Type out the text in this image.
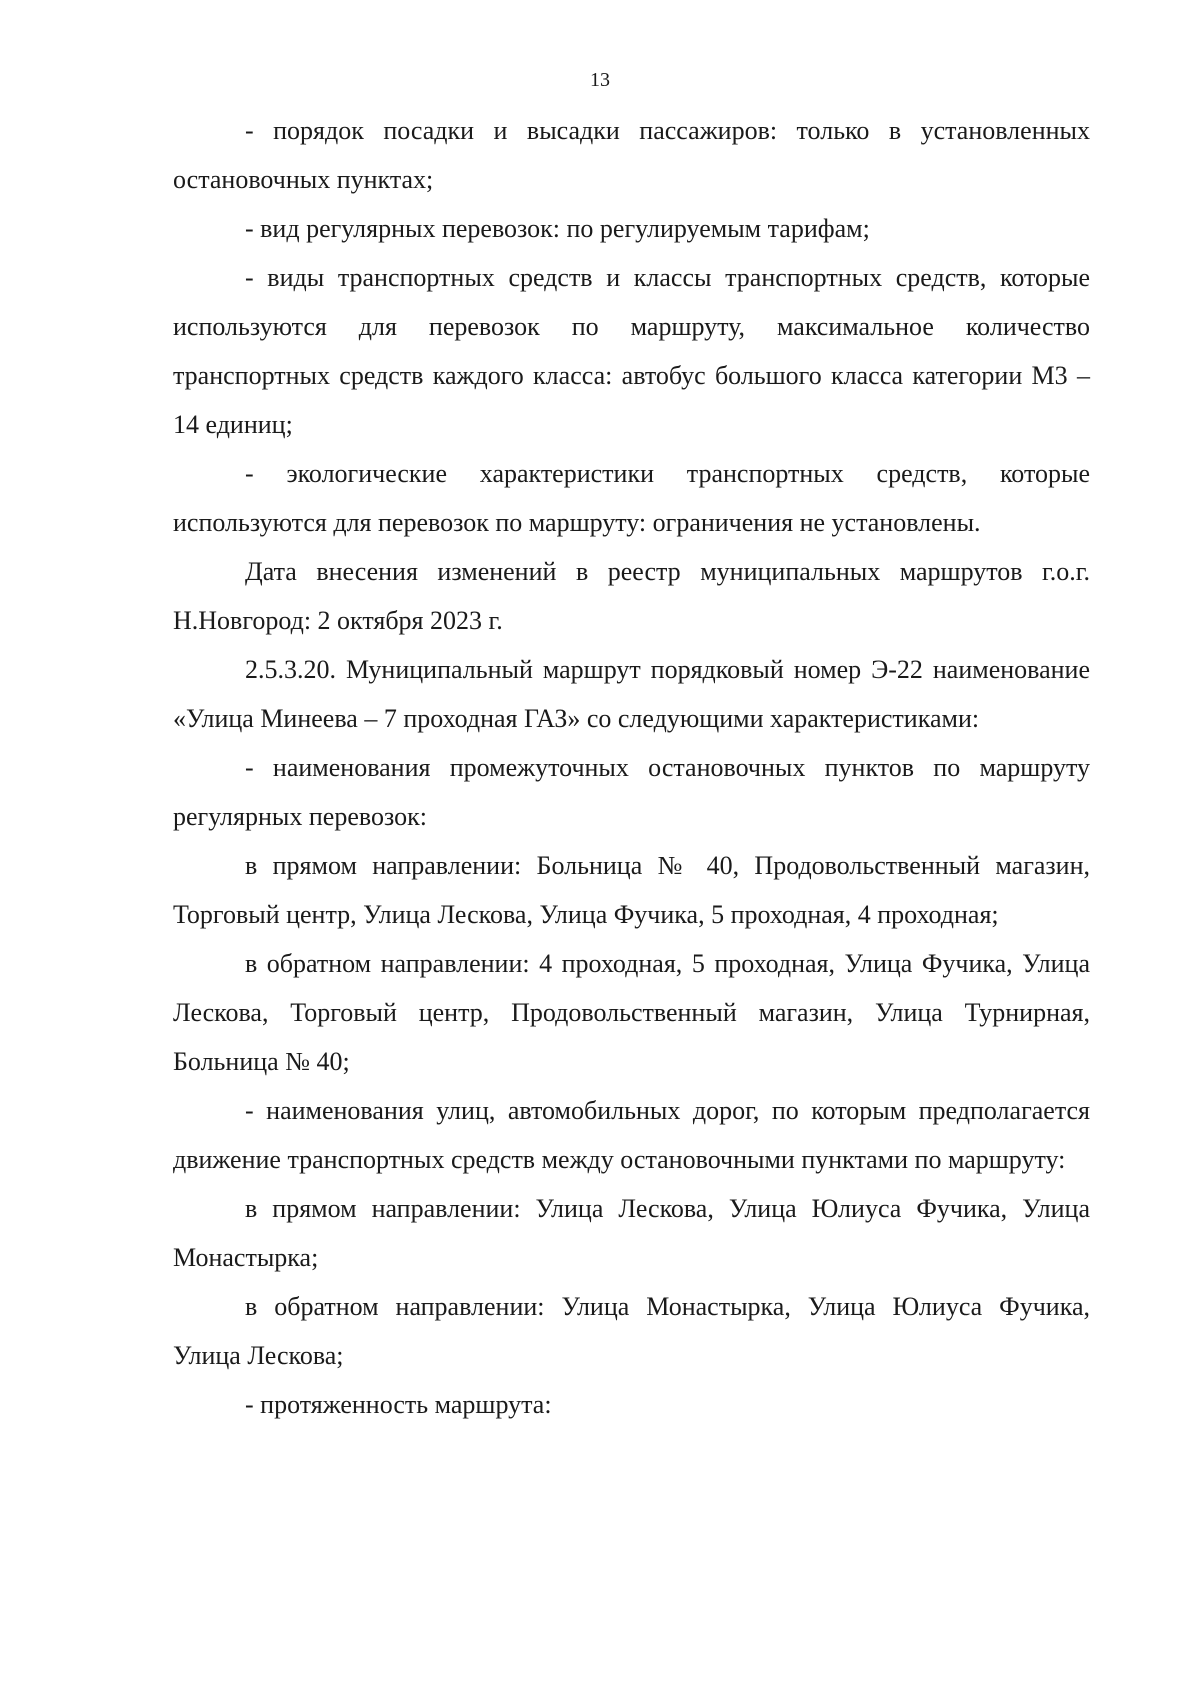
13

- порядок посадки и высадки пассажиров: только в установленных остановочных пунктах;

- вид регулярных перевозок: по регулируемым тарифам;

- виды транспортных средств и классы транспортных средств, которые используются для перевозок по маршруту, максимальное количество транспортных средств каждого класса: автобус большого класса категории М3 – 14 единиц;

- экологические характеристики транспортных средств, которые используются для перевозок по маршруту: ограничения не установлены.

Дата внесения изменений в реестр муниципальных маршрутов г.о.г. Н.Новгород: 2 октября 2023 г.

2.5.3.20. Муниципальный маршрут порядковый номер Э-22 наименование «Улица Минеева – 7 проходная ГАЗ» со следующими характеристиками:

- наименования промежуточных остановочных пунктов по маршруту регулярных перевозок:

в прямом направлении: Больница № 40, Продовольственный магазин, Торговый центр, Улица Лескова, Улица Фучика, 5 проходная, 4 проходная;

в обратном направлении: 4 проходная, 5 проходная, Улица Фучика, Улица Лескова, Торговый центр, Продовольственный магазин, Улица Турнирная, Больница № 40;

- наименования улиц, автомобильных дорог, по которым предполагается движение транспортных средств между остановочными пунктами по маршруту:

в прямом направлении: Улица Лескова, Улица Юлиуса Фучика, Улица Монастырка;

в обратном направлении: Улица Монастырка, Улица Юлиуса Фучика, Улица Лескова;

- протяженность маршрута:
